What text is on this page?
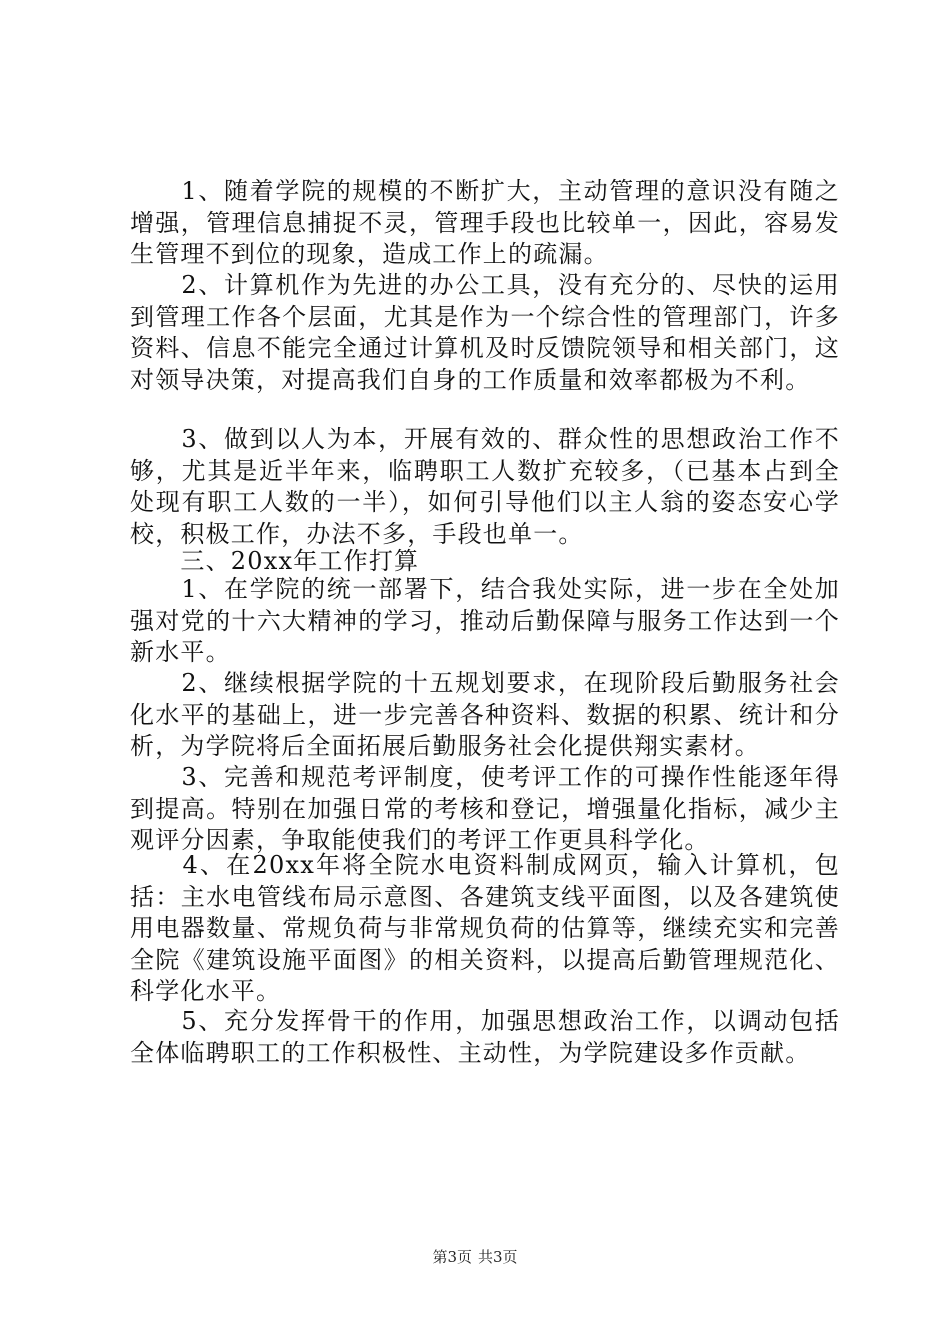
　　1、随着学院的规模的不断扩大，主动管理的意识没有随之增强，管理信息捕捉不灵，管理手段也比较单一，因此，容易发生管理不到位的现象，造成工作上的疏漏。

　　2、计算机作为先进的办公工具，没有充分的、尽快的运用到管理工作各个层面，尤其是作为一个综合性的管理部门，许多资料、信息不能完全通过计算机及时反馈院领导和相关部门，这对领导决策，对提高我们自身的工作质量和效率都极为不利。

　　3、做到以人为本，开展有效的、群众性的思想政治工作不够，尤其是近半年来，临聘职工人数扩充较多，（已基本占到全处现有职工人数的一半），如何引导他们以主人翁的姿态安心学校，积极工作，办法不多，手段也单一。

　　三、20xx年工作打算

　　1、在学院的统一部署下，结合我处实际，进一步在全处加强对党的十六大精神的学习，推动后勤保障与服务工作达到一个新水平。

　　2、继续根据学院的十五规划要求，在现阶段后勤服务社会化水平的基础上，进一步完善各种资料、数据的积累、统计和分析，为学院将后全面拓展后勤服务社会化提供翔实素材。

　　3、完善和规范考评制度，使考评工作的可操作性能逐年得到提高。特别在加强日常的考核和登记，增强量化指标，减少主观评分因素，争取能使我们的考评工作更具科学化。

　　4、在20xx年将全院水电资料制成网页，输入计算机，包括：主水电管线布局示意图、各建筑支线平面图，以及各建筑使用电器数量、常规负荷与非常规负荷的估算等，继续充实和完善全院《建筑设施平面图》的相关资料，以提高后勤管理规范化、科学化水平。

　　5、充分发挥骨干的作用，加强思想政治工作，以调动包括全体临聘职工的工作积极性、主动性，为学院建设多作贡献。

第3页 共3页
